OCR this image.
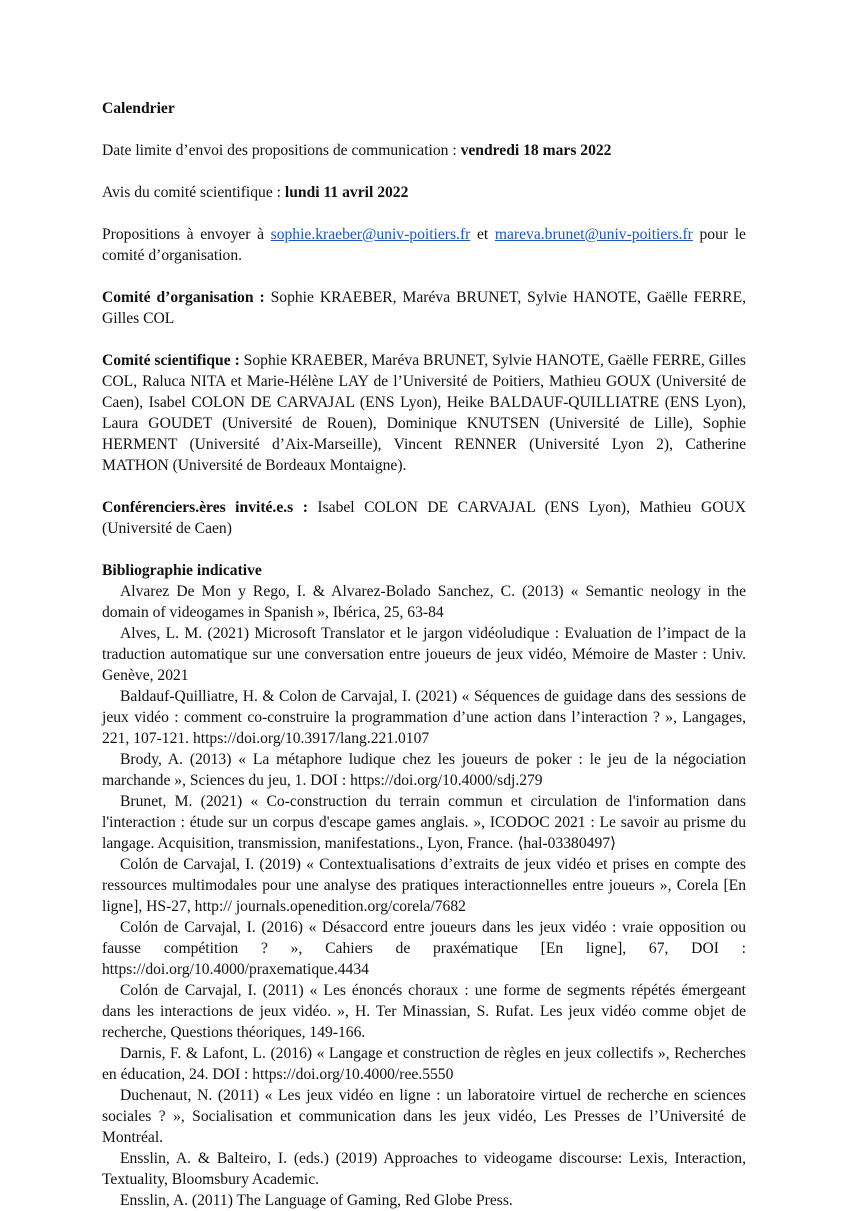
Calendrier

Date limite d’envoi des propositions de communication : vendredi 18 mars 2022

Avis du comité scientifique : lundi 11 avril 2022

Propositions à envoyer à sophie.kraeber@univ-poitiers.fr et mareva.brunet@univ-poitiers.fr pour le comité d’organisation.

Comité d’organisation : Sophie KRAEBER, Maréva BRUNET, Sylvie HANOTE, Gaëlle FERRE, Gilles COL

Comité scientifique : Sophie KRAEBER, Maréva BRUNET, Sylvie HANOTE, Gaëlle FERRE, Gilles COL, Raluca NITA et Marie-Hélène LAY de l’Université de Poitiers, Mathieu GOUX (Université de Caen), Isabel COLON DE CARVAJAL (ENS Lyon), Heike BALDAUF-QUILLIATRE (ENS Lyon), Laura GOUDET (Université de Rouen), Dominique KNUTSEN (Université de Lille), Sophie HERMENT (Université d’Aix-Marseille), Vincent RENNER (Université Lyon 2), Catherine MATHON (Université de Bordeaux Montaigne).

Conférenciers.ères invité.e.s : Isabel COLON DE CARVAJAL (ENS Lyon), Mathieu GOUX (Université de Caen)

Bibliographie indicative

Alvarez De Mon y Rego, I. & Alvarez-Bolado Sanchez, C. (2013) « Semantic neology in the domain of videogames in Spanish », Ibérica, 25, 63-84

Alves, L. M. (2021) Microsoft Translator et le jargon vidéoludique : Evaluation de l’impact de la traduction automatique sur une conversation entre joueurs de jeux vidéo, Mémoire de Master : Univ. Genève, 2021

Baldauf-Quilliatre, H. & Colon de Carvajal, I. (2021) « Séquences de guidage dans des sessions de jeux vidéo : comment co-construire la programmation d’une action dans l’interaction ? », Langages, 221, 107-121. https://doi.org/10.3917/lang.221.0107

Brody, A. (2013) « La métaphore ludique chez les joueurs de poker : le jeu de la négociation marchande », Sciences du jeu, 1. DOI : https://doi.org/10.4000/sdj.279

Brunet, M. (2021) « Co-construction du terrain commun et circulation de l'information dans l'interaction : étude sur un corpus d'escape games anglais. », ICODOC 2021 : Le savoir au prisme du langage. Acquisition, transmission, manifestations., Lyon, France. ⟨hal-03380497⟩

Colón de Carvajal, I. (2019) « Contextualisations d’extraits de jeux vidéo et prises en compte des ressources multimodales pour une analyse des pratiques interactionnelles entre joueurs », Corela [En ligne], HS-27, http:// journals.openedition.org/corela/7682

Colón de Carvajal, I. (2016) « Désaccord entre joueurs dans les jeux vidéo : vraie opposition ou fausse compétition ? », Cahiers de praxématique [En ligne], 67, DOI : https://doi.org/10.4000/praxematique.4434

Colón de Carvajal, I. (2011) « Les énoncés choraux : une forme de segments répétés émergeant dans les interactions de jeux vidéo. », H. Ter Minassian, S. Rufat. Les jeux vidéo comme objet de recherche, Questions théoriques, 149-166.

Darnis, F. & Lafont, L. (2016) « Langage et construction de règles en jeux collectifs », Recherches en éducation, 24. DOI : https://doi.org/10.4000/ree.5550

Duchenaut, N. (2011) « Les jeux vidéo en ligne : un laboratoire virtuel de recherche en sciences sociales ? », Socialisation et communication dans les jeux vidéo, Les Presses de l’Université de Montréal.

Ensslin, A. & Balteiro, I. (eds.) (2019) Approaches to videogame discourse: Lexis, Interaction, Textuality, Bloomsbury Academic.

Ensslin, A. (2011) The Language of Gaming, Red Globe Press.
